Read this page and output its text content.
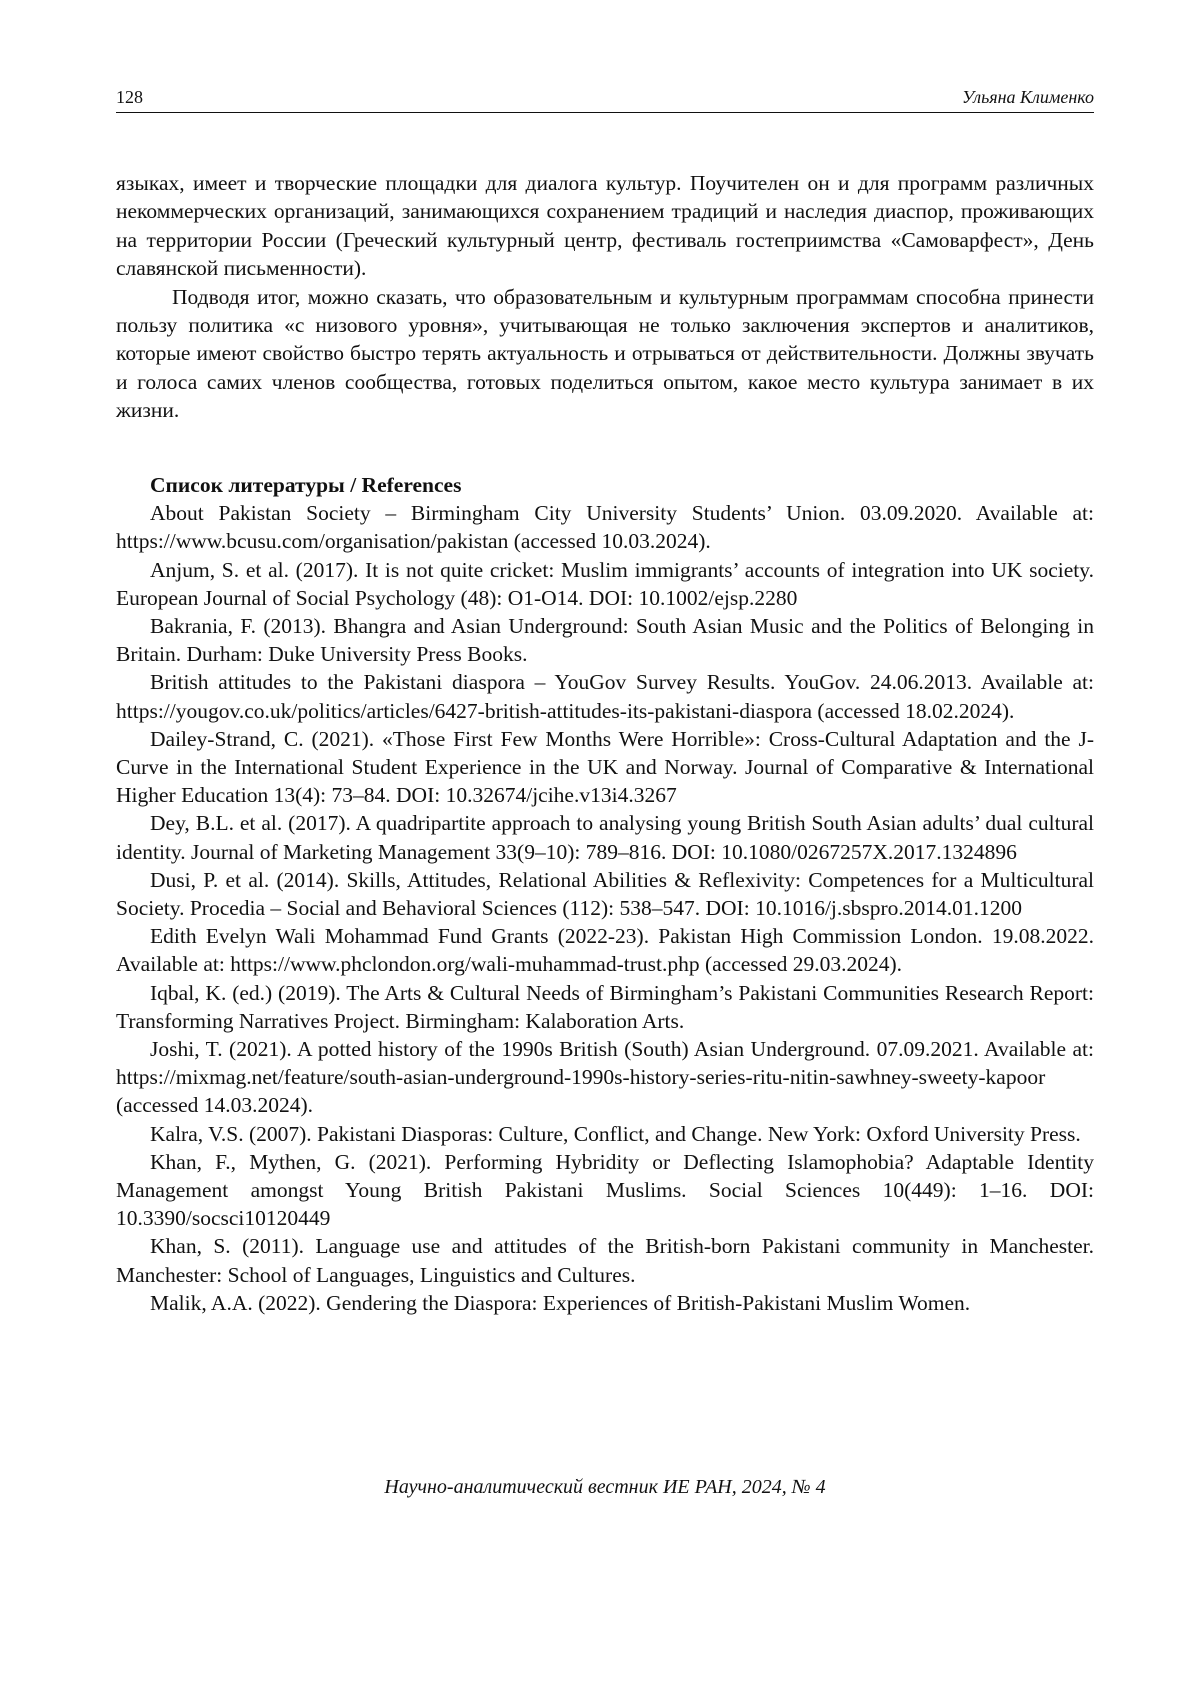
128	Ульяна Клименко

языках, имеет и творческие площадки для диалога культур. Поучителен он и для программ различных некоммерческих организаций, занимающихся сохранением традиций и наследия диаспор, проживающих на территории России (Греческий культурный центр, фестиваль гостеприимства «Самоварфест», День славянской письменности).

Подводя итог, можно сказать, что образовательным и культурным программам способна принести пользу политика «с низового уровня», учитывающая не только заключения экспертов и аналитиков, которые имеют свойство быстро терять актуальность и отрываться от действительности. Должны звучать и голоса самих членов сообщества, готовых поделиться опытом, какое место культура занимает в их жизни.

Список литературы / References

About Pakistan Society – Birmingham City University Students’ Union. 03.09.2020. Available at: https://www.bcusu.com/organisation/pakistan (accessed 10.03.2024).

Anjum, S. et al. (2017). It is not quite cricket: Muslim immigrants’ accounts of integration into UK society. European Journal of Social Psychology (48): O1-O14. DOI: 10.1002/ejsp.2280

Bakrania, F. (2013). Bhangra and Asian Underground: South Asian Music and the Politics of Belonging in Britain. Durham: Duke University Press Books.

British attitudes to the Pakistani diaspora – YouGov Survey Results. YouGov. 24.06.2013. Available at: https://yougov.co.uk/politics/articles/6427-british-attitudes-its-pakistani-diaspora (accessed 18.02.2024).

Dailey-Strand, C. (2021). «Those First Few Months Were Horrible»: Cross-Cultural Adaptation and the J-Curve in the International Student Experience in the UK and Norway. Journal of Comparative & International Higher Education 13(4): 73–84. DOI: 10.32674/jcihe.v13i4.3267

Dey, B.L. et al. (2017). A quadripartite approach to analysing young British South Asian adults’ dual cultural identity. Journal of Marketing Management 33(9–10): 789–816. DOI: 10.1080/0267257X.2017.1324896

Dusi, P. et al. (2014). Skills, Attitudes, Relational Abilities & Reflexivity: Competences for a Multicultural Society. Procedia – Social and Behavioral Sciences (112): 538–547. DOI: 10.1016/j.sbspro.2014.01.1200

Edith Evelyn Wali Mohammad Fund Grants (2022-23). Pakistan High Commission London. 19.08.2022. Available at: https://www.phclondon.org/wali-muhammad-trust.php (accessed 29.03.2024).

Iqbal, K. (ed.) (2019). The Arts & Cultural Needs of Birmingham’s Pakistani Communities Research Report: Transforming Narratives Project. Birmingham: Kalaboration Arts.

Joshi, T. (2021). A potted history of the 1990s British (South) Asian Underground. 07.09.2021. Available at: https://mixmag.net/feature/south-asian-underground-1990s-history-series-ritu-nitin-sawhney-sweety-kapoor (accessed 14.03.2024).

Kalra, V.S. (2007). Pakistani Diasporas: Culture, Conflict, and Change. New York: Oxford University Press.

Khan, F., Mythen, G. (2021). Performing Hybridity or Deflecting Islamophobia? Adaptable Identity Management amongst Young British Pakistani Muslims. Social Sciences 10(449): 1–16. DOI: 10.3390/socsci10120449

Khan, S. (2011). Language use and attitudes of the British-born Pakistani community in Manchester. Manchester: School of Languages, Linguistics and Cultures.

Malik, A.A. (2022). Gendering the Diaspora: Experiences of British-Pakistani Muslim Women.

Научно-аналитический вестник ИЕ РАН, 2024, № 4
